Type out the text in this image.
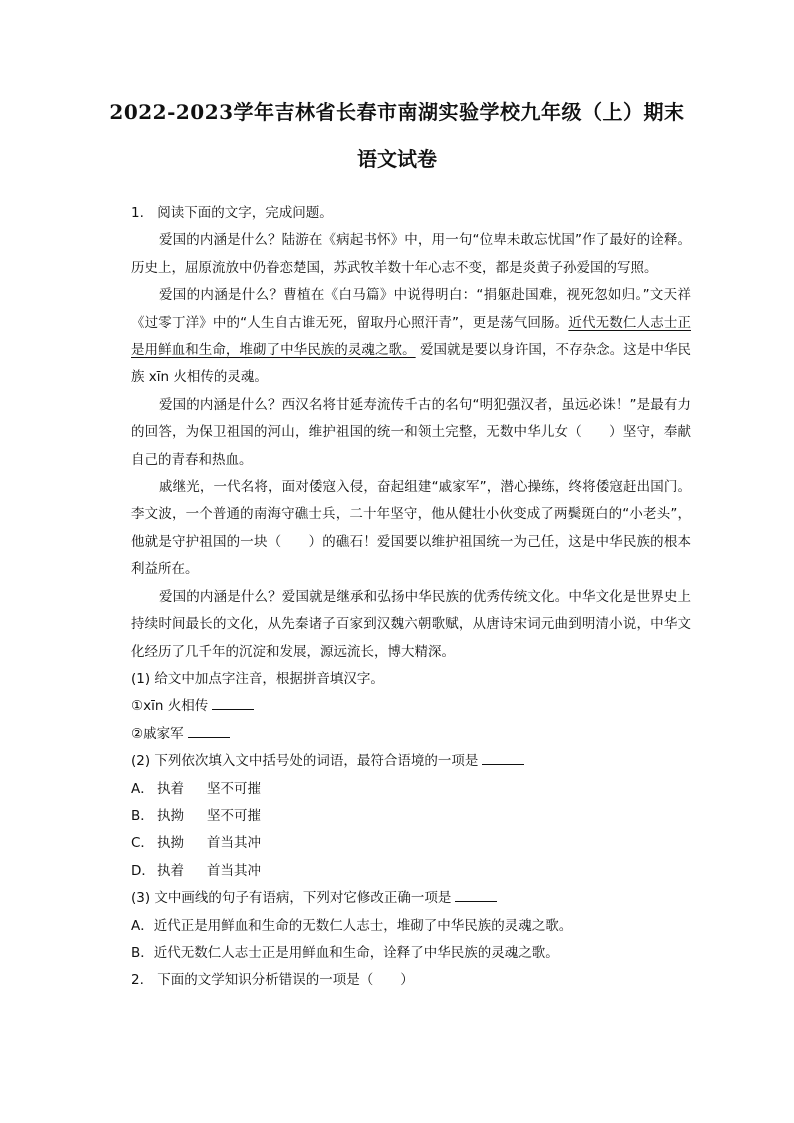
2022-2023学年吉林省长春市南湖实验学校九年级（上）期末
语文试卷

1. 阅读下面的文字，完成问题。

爱国的内涵是什么？陆游在《病起书怀》中，用一句“位卑未敢忘忧国”作了最好的诠释。历史上，屈原流放中仍眷恋楚国，苏武牧羊数十年心志不变，都是炎黄子孙爱国的写照。

爱国的内涵是什么？曹植在《白马篇》中说得明白：“捐躯赴国难，视死忽如归。”文天祥《过零丁洋》中的“人生自古谁无死，留取丹心照汗青”，更是荡气回肠。近代无数仁人志士正是用鲜血和生命，堆砌了中华民族的灵魂之歌。 爱国就是要以身许国，不存杂念。这是中华民族 xīn 火相传的灵魂。

爱国的内涵是什么？西汉名将甘延寿流传千古的名句“明犯强汉者，虽远必诛！”是最有力的回答，为保卫祖国的河山，维护祖国的统一和领土完整，无数中华儿女（　　）坚守，奉献自己的青春和热血。

戚继光，一代名将，面对倭寇入侵，奋起组建“戚家军”，潜心操练，终将倭寇赶出国门。李文波，一个普通的南海守礁士兵，二十年坚守，他从健壮小伙变成了两鬓斑白的“小老头”，他就是守护祖国的一块（　　）的礁石！爱国要以维护祖国统一为己任，这是中华民族的根本利益所在。

爱国的内涵是什么？爱国就是继承和弘扬中华民族的优秀传统文化。中华文化是世界史上持续时间最长的文化，从先秦诸子百家到汉魏六朝歌赋，从唐诗宋词元曲到明清小说，中华文化经历了几千年的沉淀和发展，源远流长，博大精深。

(1) 给文中加点字注音，根据拼音填汉字。

①xīn 火相传

②戚家军

(2) 下列依次填入文中括号处的词语，最符合语境的一项是

A． 执着 坚不可摧

B． 执拗 坚不可摧

C． 执拗 首当其冲

D． 执着 首当其冲

(3) 文中画线的句子有语病，下列对它修改正确一项是

A．近代正是用鲜血和生命的无数仁人志士，堆砌了中华民族的灵魂之歌。

B．近代无数仁人志士正是用鲜血和生命，诠释了中华民族的灵魂之歌。

2. 下面的文学知识分析错误的一项是（　　）
